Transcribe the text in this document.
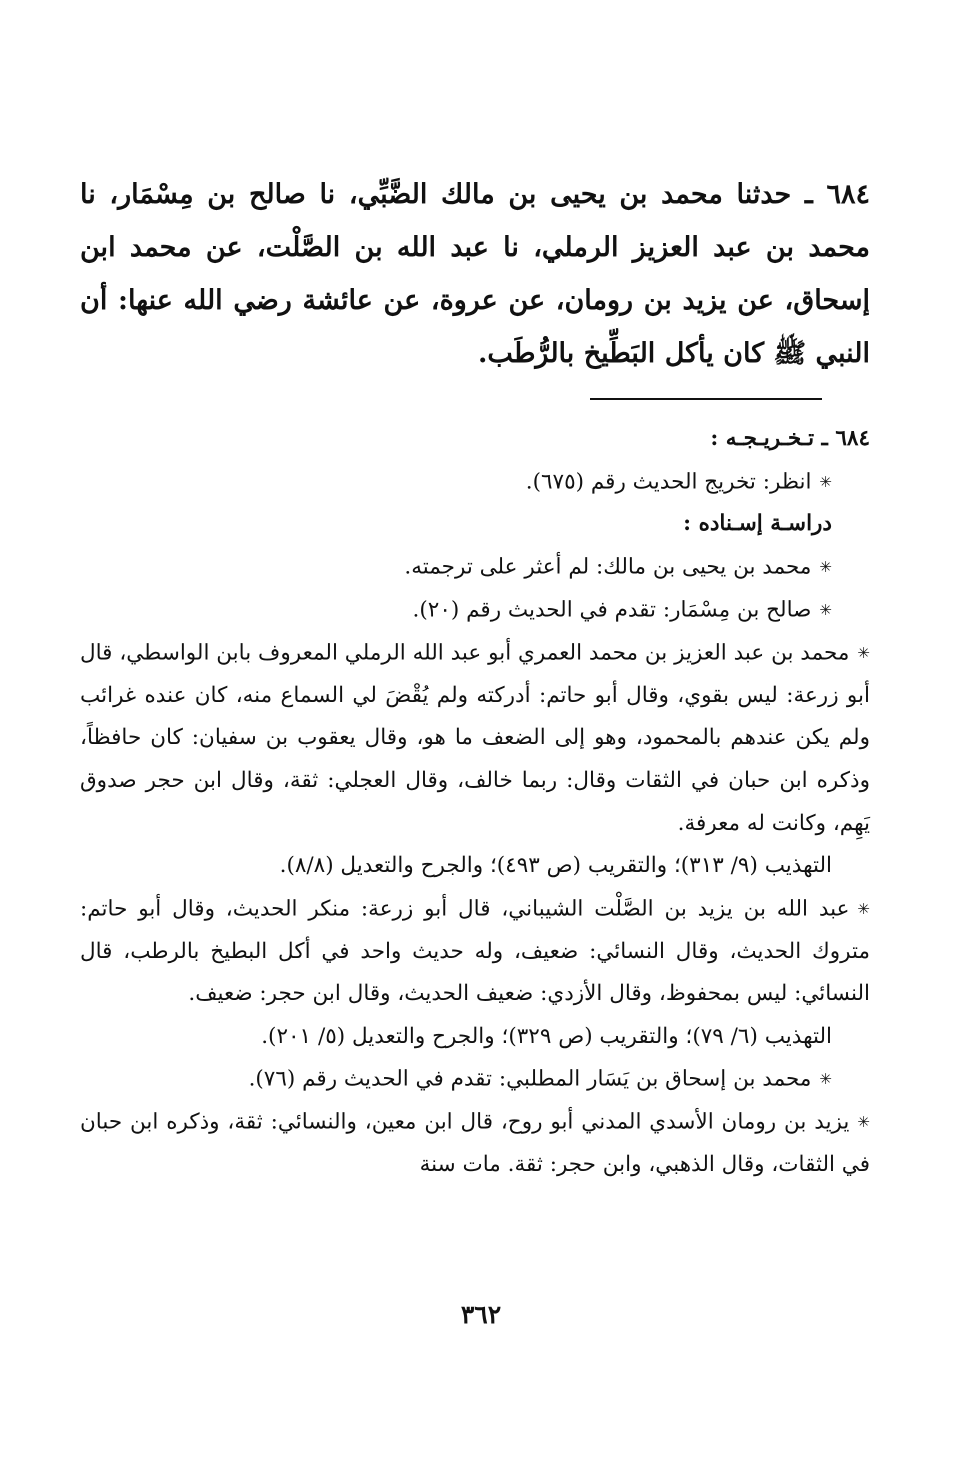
٦٨٤ ـ حدثنا محمد بن يحيى بن مالك الضَّبِّي، نا صالح بن مِسْمَار، نا محمد بن عبد العزيز الرملي، نا عبد الله بن الصَّلْت، عن محمد ابن إسحاق، عن يزيد بن رومان، عن عروة، عن عائشة رضي الله عنها: أن النبي ﷺ كان يأكل البَطِّيخ بالرُّطَب.

٦٨٤ ـ تـخـريـجـه :

✳ انظر: تخريج الحديث رقم (٦٧٥).

دراسـة إسـناده :

✳ محمد بن يحيى بن مالك: لم أعثر على ترجمته.

✳ صالح بن مِسْمَار: تقدم في الحديث رقم (٢٠).

✳ محمد بن عبد العزيز بن محمد العمري أبو عبد الله الرملي المعروف بابن الواسطي، قال أبو زرعة: ليس بقوي، وقال أبو حاتم: أدركته ولم يُقْضَ لي السماع منه، كان عنده غرائب ولم يكن عندهم بالمحمود، وهو إلى الضعف ما هو، وقال يعقوب بن سفيان: كان حافظاً، وذكره ابن حبان في الثقات وقال: ربما خالف، وقال العجلي: ثقة، وقال ابن حجر صدوق يَهِم، وكانت له معرفة.

التهذيب (٩/ ٣١٣)؛ والتقريب (ص ٤٩٣)؛ والجرح والتعديل (٨/٨).

✳ عبد الله بن يزيد بن الصَّلْت الشيباني، قال أبو زرعة: منكر الحديث، وقال أبو حاتم: متروك الحديث، وقال النسائي: ضعيف، وله حديث واحد في أكل البطيخ بالرطب، قال النسائي: ليس بمحفوظ، وقال الأزدي: ضعيف الحديث، وقال ابن حجر: ضعيف.

التهذيب (٦/ ٧٩)؛ والتقريب (ص ٣٢٩)؛ والجرح والتعديل (٥/ ٢٠١).

✳ محمد بن إسحاق بن يَسَار المطلبي: تقدم في الحديث رقم (٧٦).

✳ يزيد بن رومان الأسدي المدني أبو روح، قال ابن معين، والنسائي: ثقة، وذكره ابن حبان في الثقات، وقال الذهبي، وابن حجر: ثقة. مات سنة

٣٦٢
